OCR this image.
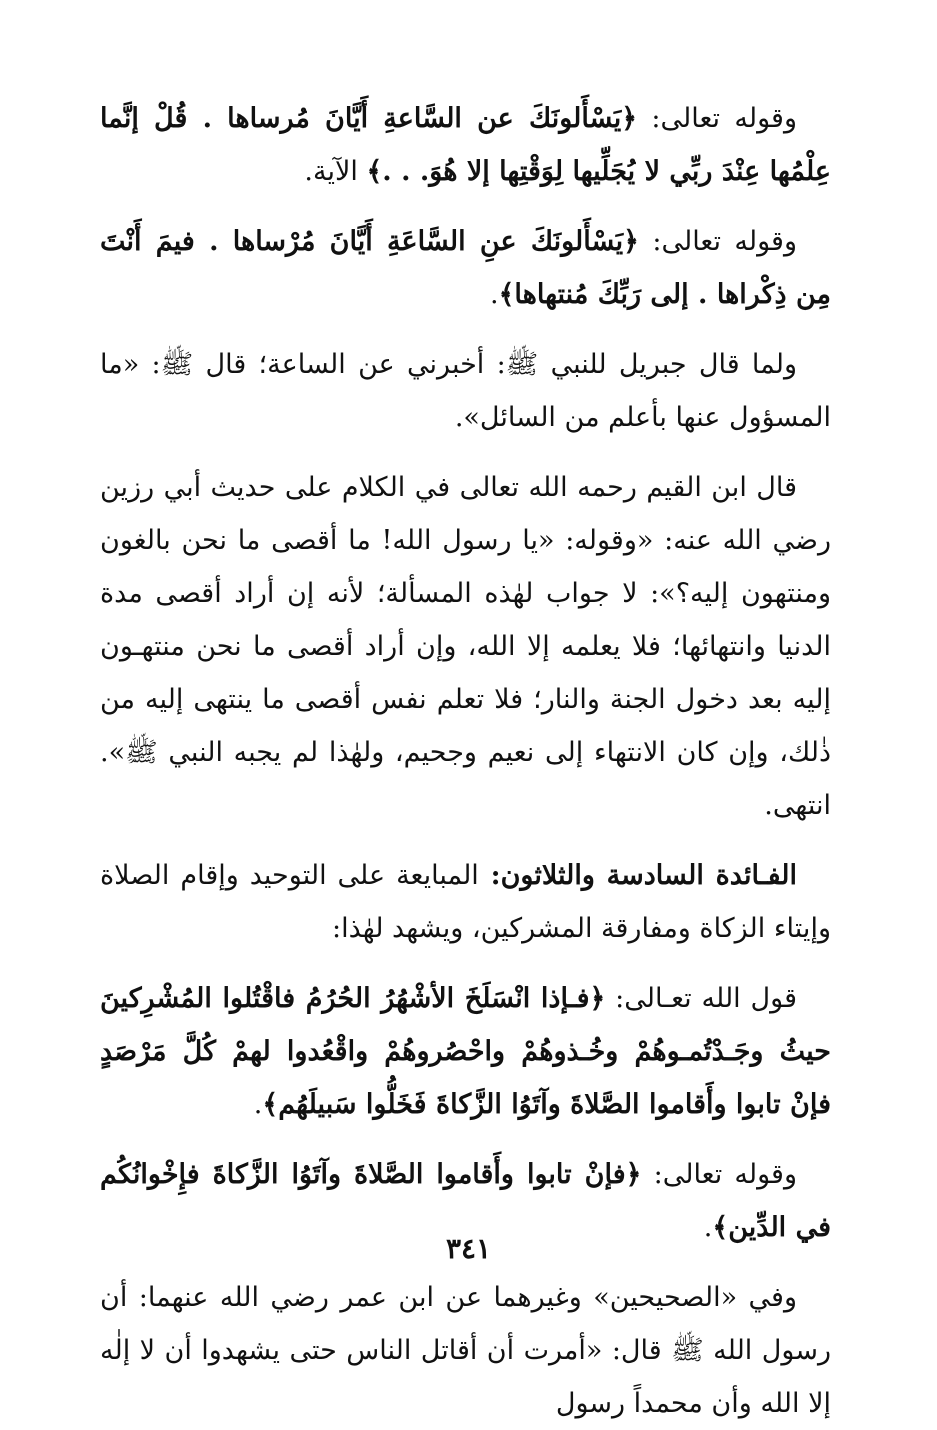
وقوله تعالى: ﴿يَسْأَلونَكَ عن السَّاعةِ أَيَّانَ مُرساها . قُلْ إنَّما عِلْمُها عِنْدَ ربِّي لا يُجَلِّيها لِوَقْتِها إلا هُوَ. . .﴾ الآية.

وقوله تعالى: ﴿يَسْأَلونَكَ عنِ السَّاعَةِ أَيَّانَ مُرْساها . فيمَ أَنْتَ مِن ذِكْراها . إلى رَبِّكَ مُنتهاها﴾.

ولما قال جبريل للنبي ﷺ: أخبرني عن الساعة؛ قال ﷺ: «ما المسؤول عنها بأعلم من السائل».

قال ابن القيم رحمه الله تعالى في الكلام على حديث أبي رزين رضي الله عنه: «وقوله: «يا رسول الله! ما أقصى ما نحن بالغون ومنتهون إليه؟»: لا جواب لهٰذه المسألة؛ لأنه إن أراد أقصى مدة الدنيا وانتهائها؛ فلا يعلمه إلا الله، وإن أراد أقصى ما نحن منتهـون إليه بعد دخول الجنة والنار؛ فلا تعلم نفس أقصى ما ينتهى إليه من ذٰلك، وإن كان الانتهاء إلى نعيم وجحيم، ولهٰذا لم يجبه النبي ﷺ». انتهى.

الفـائدة السادسة والثلاثون: المبايعة على التوحيد وإقام الصلاة وإيتاء الزكاة ومفارقة المشركين، ويشهد لهٰذا:

قول الله تعـالى: ﴿فـإذا انْسَلَخَ الأشْهُرُ الحُرُمُ فاقْتُلوا المُشْرِكينَ حيثُ وجَـدْتُمـوهُمْ وخُـذوهُمْ واحْصُروهُمْ واقْعُدوا لهمْ كُلَّ مَرْصَدٍ فإنْ تابوا وأَقاموا الصَّلاةَ وآتَوُا الزَّكاةَ فَخَلُّوا سَبيلَهُم﴾.

وقوله تعالى: ﴿فإنْ تابوا وأَقاموا الصَّلاةَ وآتَوُا الزَّكاةَ فإِخْوانُكُم في الدِّين﴾.

وفي «الصحيحين» وغيرهما عن ابن عمر رضي الله عنهما: أن رسول الله ﷺ قال: «أمرت أن أقاتل الناس حتى يشهدوا أن لا إلٰه إلا الله وأن محمداً رسول

٣٤١
